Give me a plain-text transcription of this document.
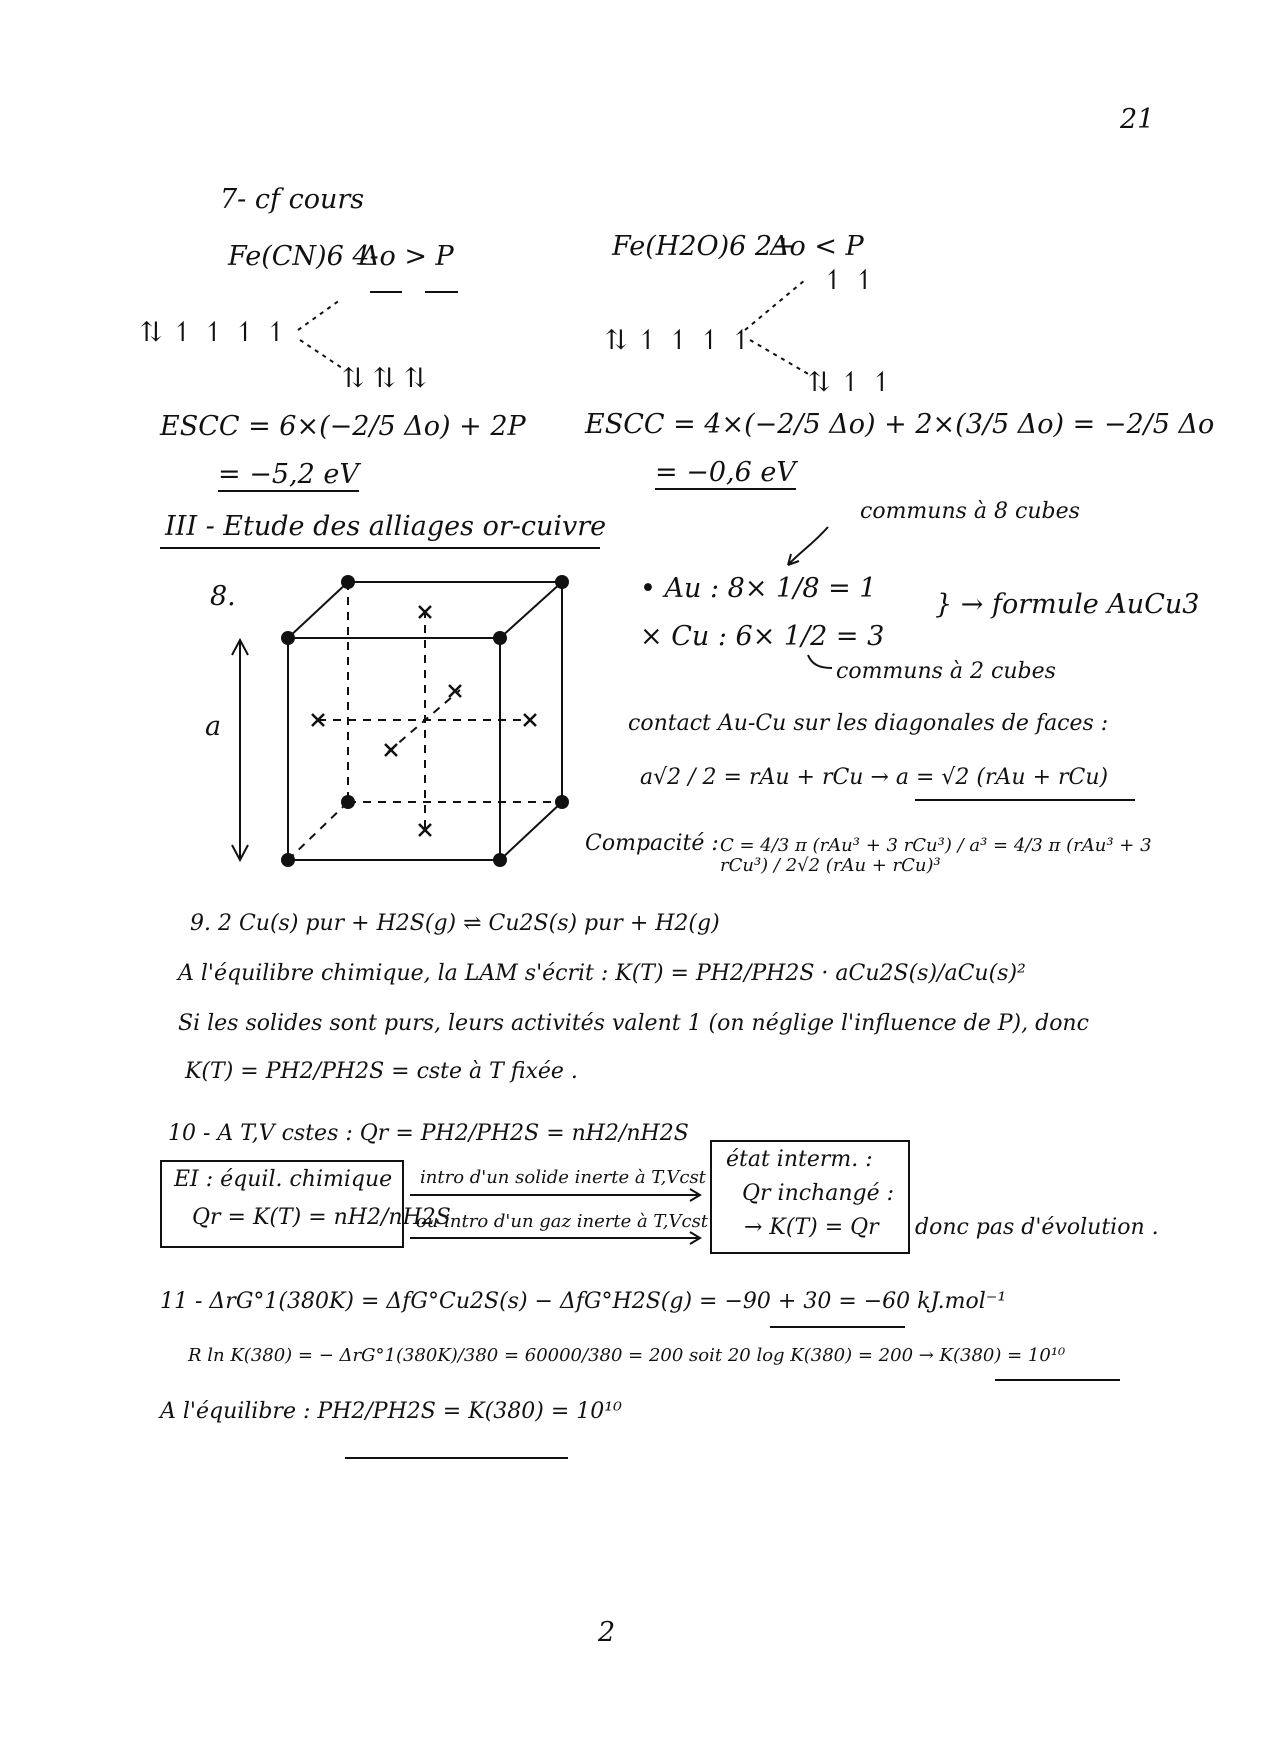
21
7- cf cours
Fe(CN)6 4-
Δo > P
⇅ ↿ ↿ ↿ ↿
⇅ ⇅ ⇅
ESCC = 6×(−2/5 Δo) + 2P
= −5,2 eV
Fe(H2O)6 2+
Δo < P
↿ ↿
⇅ ↿ ↿ ↿ ↿
⇅ ↿ ↿
ESCC = 4×(−2/5 Δo) + 2×(3/5 Δo) = −2/5 Δo
= −0,6 eV
III - Etude des alliages or-cuivre
8.
a
communs à 8 cubes
• Au : 8× 1/8 = 1
× Cu : 6× 1/2 = 3
} → formule AuCu3
communs à 2 cubes
contact Au-Cu sur les diagonales de faces :
a√2 / 2 = rAu + rCu → a = √2 (rAu + rCu)
Compacité : C = 4/3 π (rAu³ + 3 rCu³) / a³ = 4/3 π (rAu³ + 3 rCu³) / 2√2 (rAu + rCu)³
9. 2 Cu(s) pur + H2S(g) ⇌ Cu2S(s) pur + H2(g)
A l'équilibre chimique, la LAM s'écrit : K(T) = PH2/PH2S · aCu2S(s)/aCu(s)²
Si les solides sont purs, leurs activités valent 1 (on néglige l'influence de P), donc
K(T) = PH2/PH2S = cste à T fixée .
10 - A T,V cstes : Qr = PH2/PH2S = nH2/nH2S
EI : équil. chimique
Qr = K(T) = nH2/nH2S
intro d'un solide inerte à T,Vcst
ou intro d'un gaz inerte à T,Vcst
état interm. :
Qr inchangé :
→ K(T) = Qr donc pas d'évolution .
11 - ΔrG°1(380K) = ΔfG°Cu2S(s) − ΔfG°H2S(g) = −90 + 30 = −60 kJ.mol⁻¹
R ln K(380) = − ΔrG°1(380K)/380 = 60000/380 = 200 soit 20 log K(380) = 200 → K(380) = 10¹⁰
A l'équilibre : PH2/PH2S = K(380) = 10¹⁰
2
